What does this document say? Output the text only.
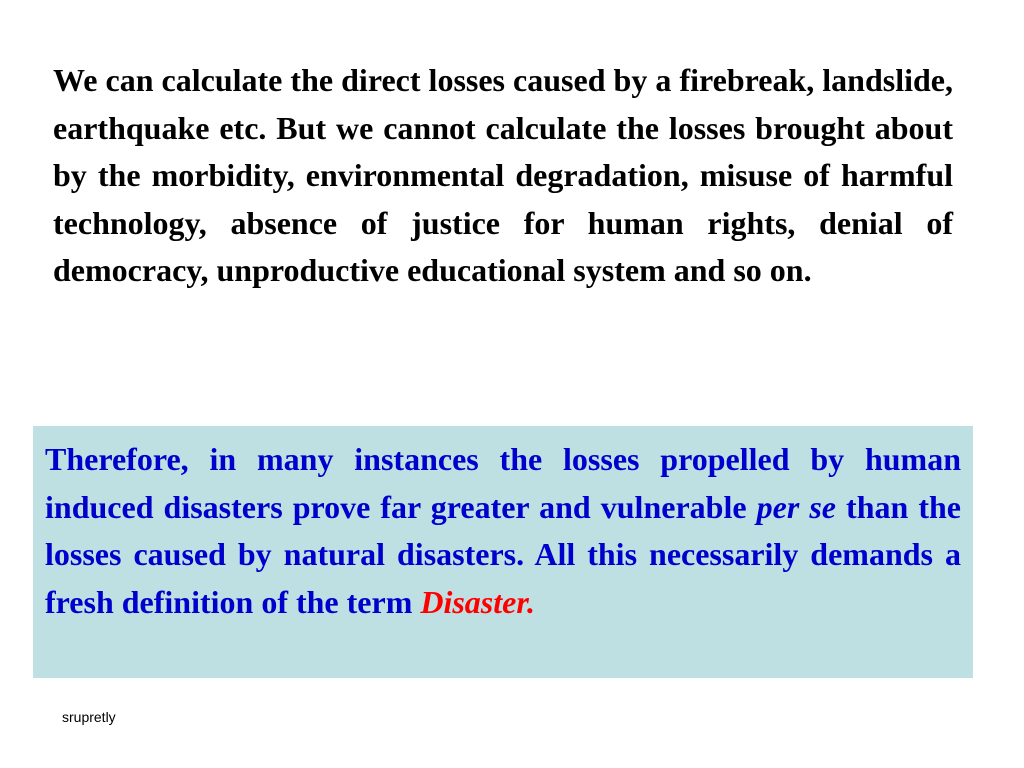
We can calculate the direct losses caused by a firebreak, landslide, earthquake etc. But we cannot calculate the losses brought about by the morbidity, environmental degradation, misuse of harmful technology, absence of justice for human rights, denial of democracy, unproductive educational system and so on.

Therefore, in many instances the losses propelled by human induced disasters prove far greater and vulnerable per se than the losses caused by natural disasters. All this necessarily demands a fresh definition of the term Disaster.

srupretly
